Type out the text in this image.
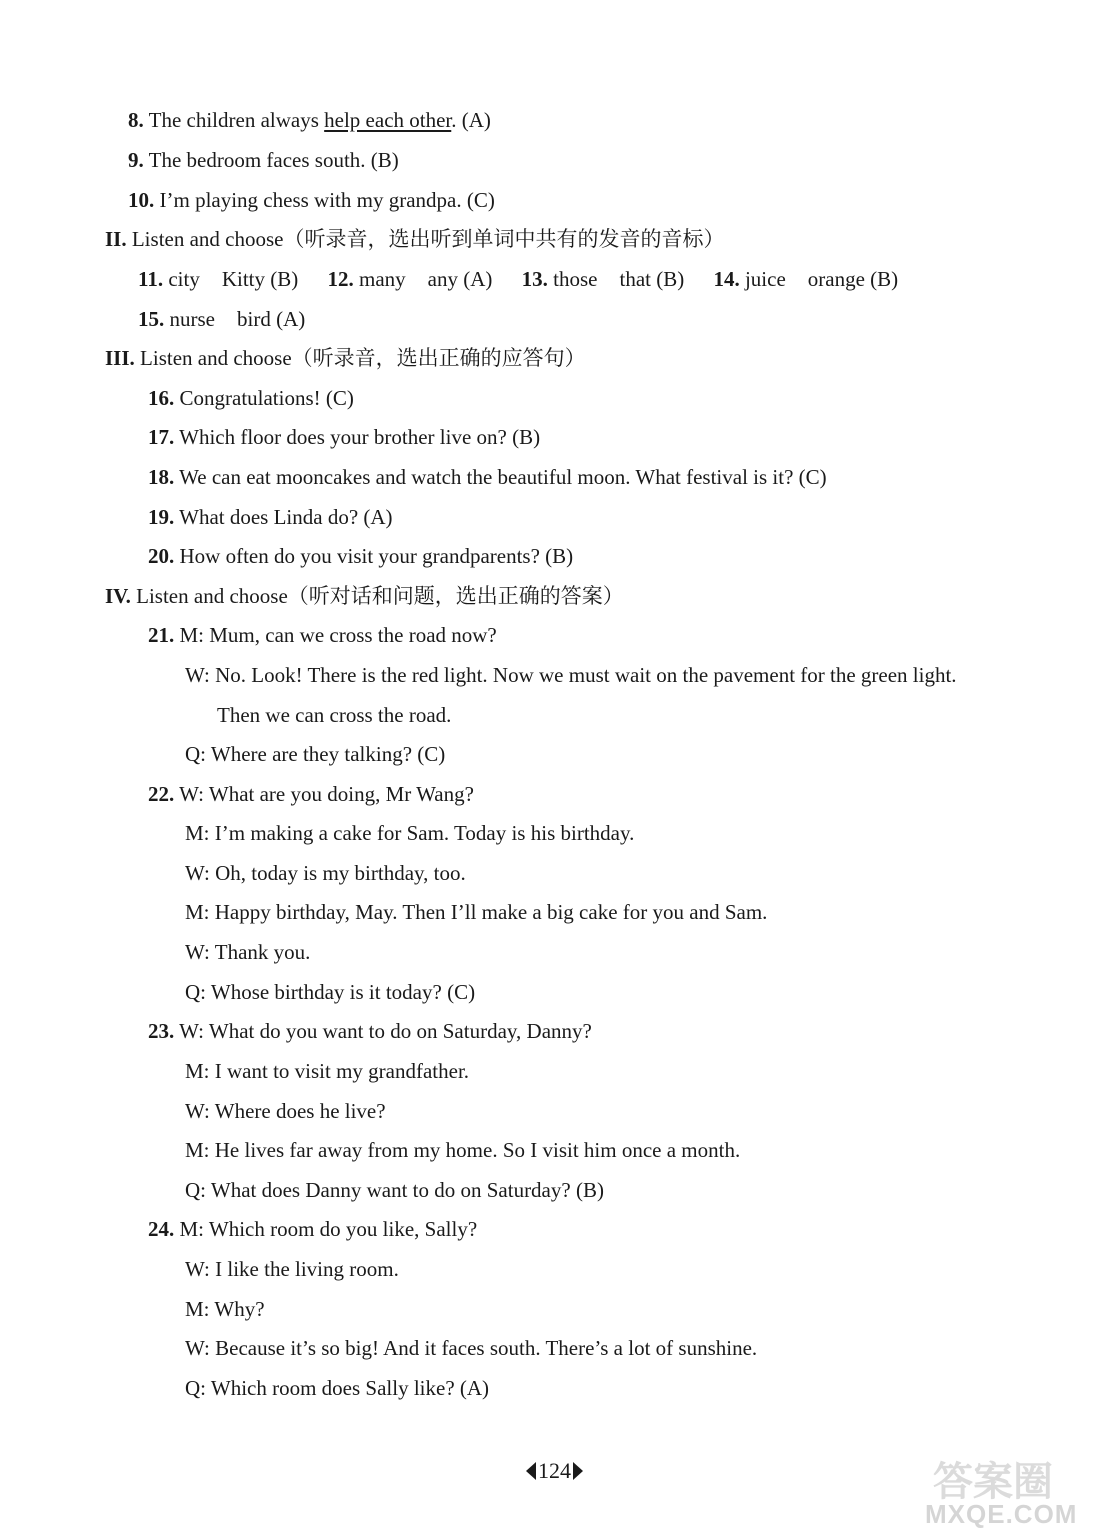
8. The children always help each other. (A)
9. The bedroom faces south. (B)
10. I’m playing chess with my grandpa. (C)
II. Listen and choose（听录音，选出听到单词中共有的发音的音标）
11. city Kitty (B) 12. many any (A) 13. those that (B) 14. juice orange (B)
15. nurse bird (A)
III. Listen and choose（听录音，选出正确的应答句）
16. Congratulations! (C)
17. Which floor does your brother live on? (B)
18. We can eat mooncakes and watch the beautiful moon. What festival is it? (C)
19. What does Linda do? (A)
20. How often do you visit your grandparents? (B)
IV. Listen and choose（听对话和问题，选出正确的答案）
21. M: Mum, can we cross the road now?
W: No. Look! There is the red light. Now we must wait on the pavement for the green light.
Then we can cross the road.
Q: Where are they talking? (C)
22. W: What are you doing, Mr Wang?
M: I’m making a cake for Sam. Today is his birthday.
W: Oh, today is my birthday, too.
M: Happy birthday, May. Then I’ll make a big cake for you and Sam.
W: Thank you.
Q: Whose birthday is it today? (C)
23. W: What do you want to do on Saturday, Danny?
M: I want to visit my grandfather.
W: Where does he live?
M: He lives far away from my home. So I visit him once a month.
Q: What does Danny want to do on Saturday? (B)
24. M: Which room do you like, Sally?
W: I like the living room.
M: Why?
W: Because it’s so big! And it faces south. There’s a lot of sunshine.
Q: Which room does Sally like? (A)
124	答案圈
MXQE.COM
